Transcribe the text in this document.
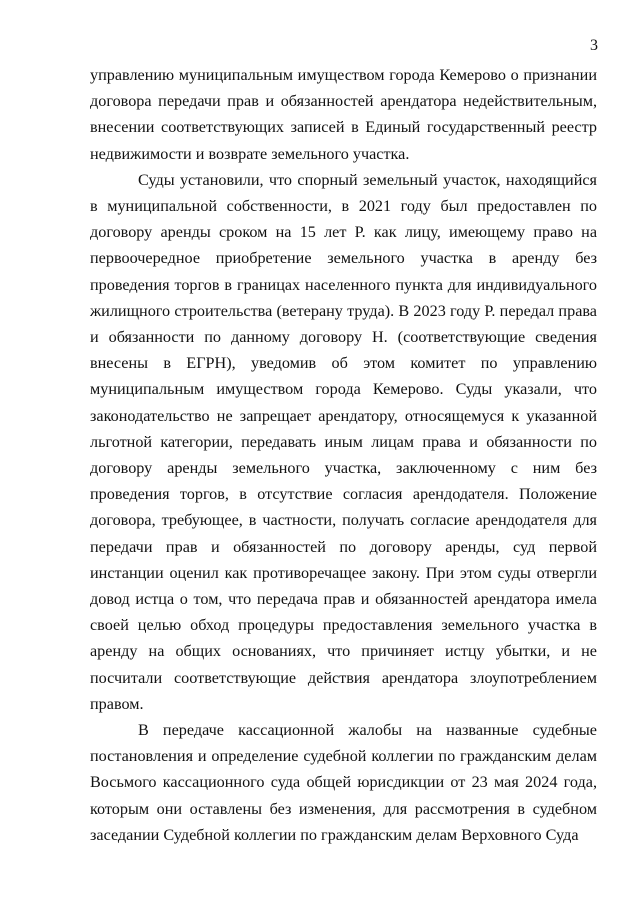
3

управлению муниципальным имуществом города Кемерово о признании договора передачи прав и обязанностей арендатора недействительным, внесении соответствующих записей в Единый государственный реестр недвижимости и возврате земельного участка.

Суды установили, что спорный земельный участок, находящийся в муниципальной собственности, в 2021 году был предоставлен по договору аренды сроком на 15 лет Р. как лицу, имеющему право на первоочередное приобретение земельного участка в аренду без проведения торгов в границах населенного пункта для индивидуального жилищного строительства (ветерану труда). В 2023 году Р. передал права и обязанности по данному договору Н. (соответствующие сведения внесены в ЕГРН), уведомив об этом комитет по управлению муниципальным имуществом города Кемерово. Суды указали, что законодательство не запрещает арендатору, относящемуся к указанной льготной категории, передавать иным лицам права и обязанности по договору аренды земельного участка, заключенному с ним без проведения торгов, в отсутствие согласия арендодателя. Положение договора, требующее, в частности, получать согласие арендодателя для передачи прав и обязанностей по договору аренды, суд первой инстанции оценил как противоречащее закону. При этом суды отвергли довод истца о том, что передача прав и обязанностей арендатора имела своей целью обход процедуры предоставления земельного участка в аренду на общих основаниях, что причиняет истцу убытки, и не посчитали соответствующие действия арендатора злоупотреблением правом.

В передаче кассационной жалобы на названные судебные постановления и определение судебной коллегии по гражданским делам Восьмого кассационного суда общей юрисдикции от 23 мая 2024 года, которым они оставлены без изменения, для рассмотрения в судебном заседании Судебной коллегии по гражданским делам Верховного Суда
